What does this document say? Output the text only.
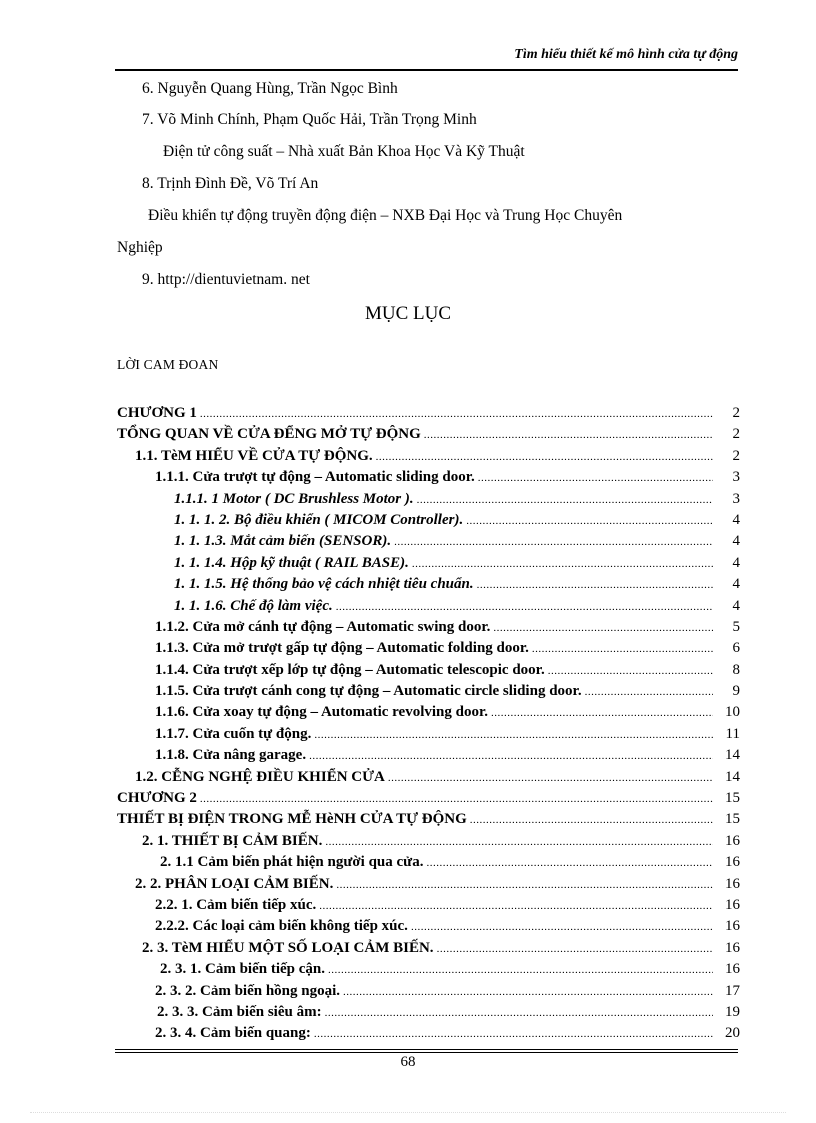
Tìm hiểu thiết kế mô hình cửa tự động
6. Nguyễn Quang Hùng, Trần Ngọc Bình
7. Võ Minh Chính, Phạm Quốc Hải, Trần Trọng Minh
Điện tử công suất – Nhà xuất Bản Khoa Học Và Kỹ Thuật
8. Trịnh Đình Đề, Võ Trí An
Điều khiển tự động truyền động điện – NXB Đại Học và Trung Học Chuyên
Nghiệp
9. http://dientuvietnam. net
MỤC LỤC
LỜI CAM ĐOAN
CHƯƠNG 1 .....	2
TỔNG QUAN VỀ CỬA ĐỂNG MỞ TỰ ĐỘNG .....	2
1.1. TèM HIỂU VỀ CỬA TỰ ĐỘNG. .....	2
1.1.1. Cửa trượt tự động – Automatic sliding door. .....	3
1.1.1. 1 Motor ( DC Brushless Motor ). .....	3
1. 1. 1. 2. Bộ điều khiển ( MICOM Controller). .....	4
1. 1. 1.3. Mắt cảm biến (SENSOR). .....	4
1. 1. 1.4. Hộp kỹ thuật ( RAIL BASE). .....	4
1. 1. 1.5. Hệ thống bảo vệ cách nhiệt tiêu chuẩn. .....	4
1. 1. 1.6. Chế độ làm việc. .....	4
1.1.2. Cửa mở cánh tự động – Automatic swing door. .....	5
1.1.3. Cửa mở trượt gấp tự động – Automatic folding door. .....	6
1.1.4. Cửa trượt xếp lớp tự động – Automatic telescopic door. .....	8
1.1.5. Cửa trượt cánh cong tự động – Automatic circle sliding door. .....	9
1.1.6. Cửa xoay tự động – Automatic revolving door. .....	10
1.1.7. Cửa cuốn tự động. .....	11
1.1.8. Cửa nâng garage. .....	14
1.2. CỄNG NGHỆ ĐIỀU KHIỂN CỬA .....	14
CHƯƠNG 2 .....	15
THIẾT BỊ ĐIỆN TRONG MỄ HèNH CỬA TỰ ĐỘNG .....	15
2. 1. THIẾT BỊ CẢM BIẾN. .....	16
2. 1.1 Cảm biến phát hiện người qua cửa. .....	16
2. 2. PHÂN LOẠI CẢM BIẾN. .....	16
2.2. 1. Cảm biến tiếp xúc. .....	16
2.2.2. Các loại cảm biến không tiếp xúc. .....	16
2. 3. TèM HIỂU MỘT SỐ LOẠI CẢM BIẾN. .....	16
2. 3. 1. Cảm biến tiếp cận. .....	16
2. 3. 2. Cảm biến hồng ngoại. .....	17
2. 3. 3. Cảm biến siêu âm: .....	19
2. 3. 4. Cảm biến quang: .....	20
68
